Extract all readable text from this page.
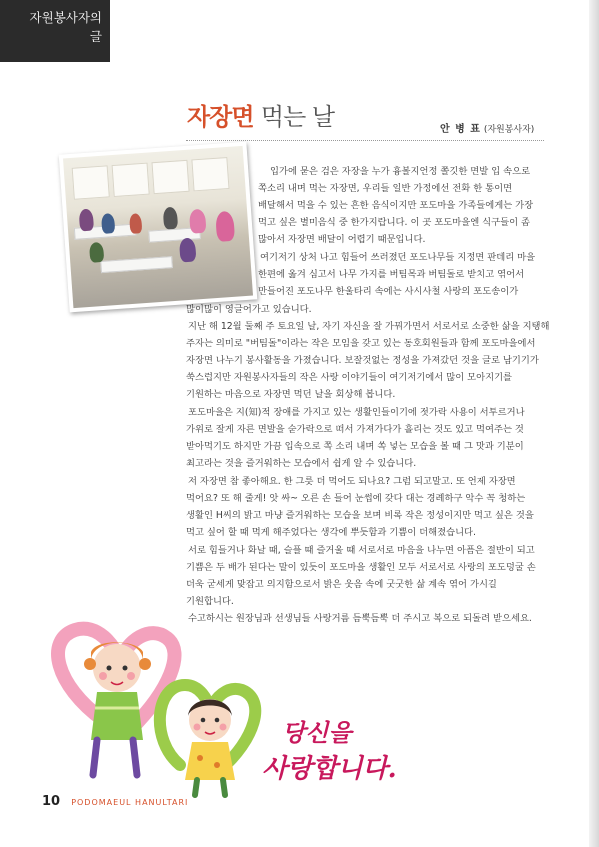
자원봉사자의
글
자장면 먹는 날	안 병 표 (자원봉사자)
입가에 묻은 검은 자장을 누가 흉볼지언정 쫄깃한 면발 입 속으로
쪽소리 내며 먹는 자장면, 우리들 일반 가정에선 전화 한 통이면
배달해서 먹을 수 있는 흔한 음식이지만 포도마을 가족들에게는 가장
먹고 싶은 별미음식 중 한가지랍니다. 이 곳 포도마을엔 식구들이 좀
많아서 자장면 배달이 어렵기 때문입니다.
여기저기 상처 나고 힘들어 쓰러졌던 포도나무들 지정면 판데리 마을
한편에 옮겨 심고서 나무 가지를 버팀목과 버팀돌로 받치고 엮어서
만들어진 포도나무 한울타리 속에는 사시사철 사랑의 포도송이가
많이많이 영글어가고 있습니다.
지난 해 12월 둘째 주 토요일 날, 자기 자신을 잘 가꿔가면서 서로서로 소중한 삶을 지탱해
주자는 의미로 "버팀돌"이라는 작은 모임을 갖고 있는 동호회원들과 함께 포도마을에서
자장면 나누기 봉사활동을 가졌습니다. 보잘것없는 정성을 가져갔던 것을 글로 남기기가
쑥스럽지만 자원봉사자들의 작은 사랑 이야기들이 여기저기에서 많이 모아지기를
기원하는 마음으로 자장면 먹던 날을 회상해 봅니다.
포도마을은 지(知)적 장애를 가지고 있는 생활인들이기에 젓가락 사용이 서투르거나
가위로 잘게 자른 면발을 숟가락으로 떠서 가져가다가 흘리는 것도 있고 먹여주는 것
받아먹기도 하지만 가끔 입속으로 쪽 소리 내며 쏙 넣는 모습을 볼 때 그 맛과 기분이
최고라는 것을 즐거워하는 모습에서 쉽게 알 수 있습니다.
저 자장면 참 좋아해요. 한 그릇 더 먹어도 되나요? 그럼 되고말고. 또 언제 자장면
먹어요? 또 해 줄게! 앗 싸~ 오른 손 들어 눈썹에 갖다 대는 경례하구 악수 꼭 청하는
생활인 H씨의 밝고 마냥 즐거워하는 모습을 보며 비록 작은 정성이지만 먹고 싶은 것을
먹고 싶어 할 때 먹게 해주었다는 생각에 뿌듯함과 기쁨이 더해졌습니다.
서로 힘들거나 화날 때, 슬플 때 즐거울 때 서로서로 마음을 나누면 아픔은 절반이 되고
기쁨은 두 배가 된다는 말이 있듯이 포도마을 생활인 모두 서로서로 사랑의 포도덩굴 손
더욱 굳세게 맞잡고 의지함으로서 밝은 웃음 속에 굿굿한 삶 계속 엮어 가시길
기원합니다.
수고하시는 원장님과 선생님들 사랑거름 듬뿍듬뿍 더 주시고 복으로 되돌려 받으세요.
당신을
사랑합니다.
10 PODOMAEUL HANULTARI
